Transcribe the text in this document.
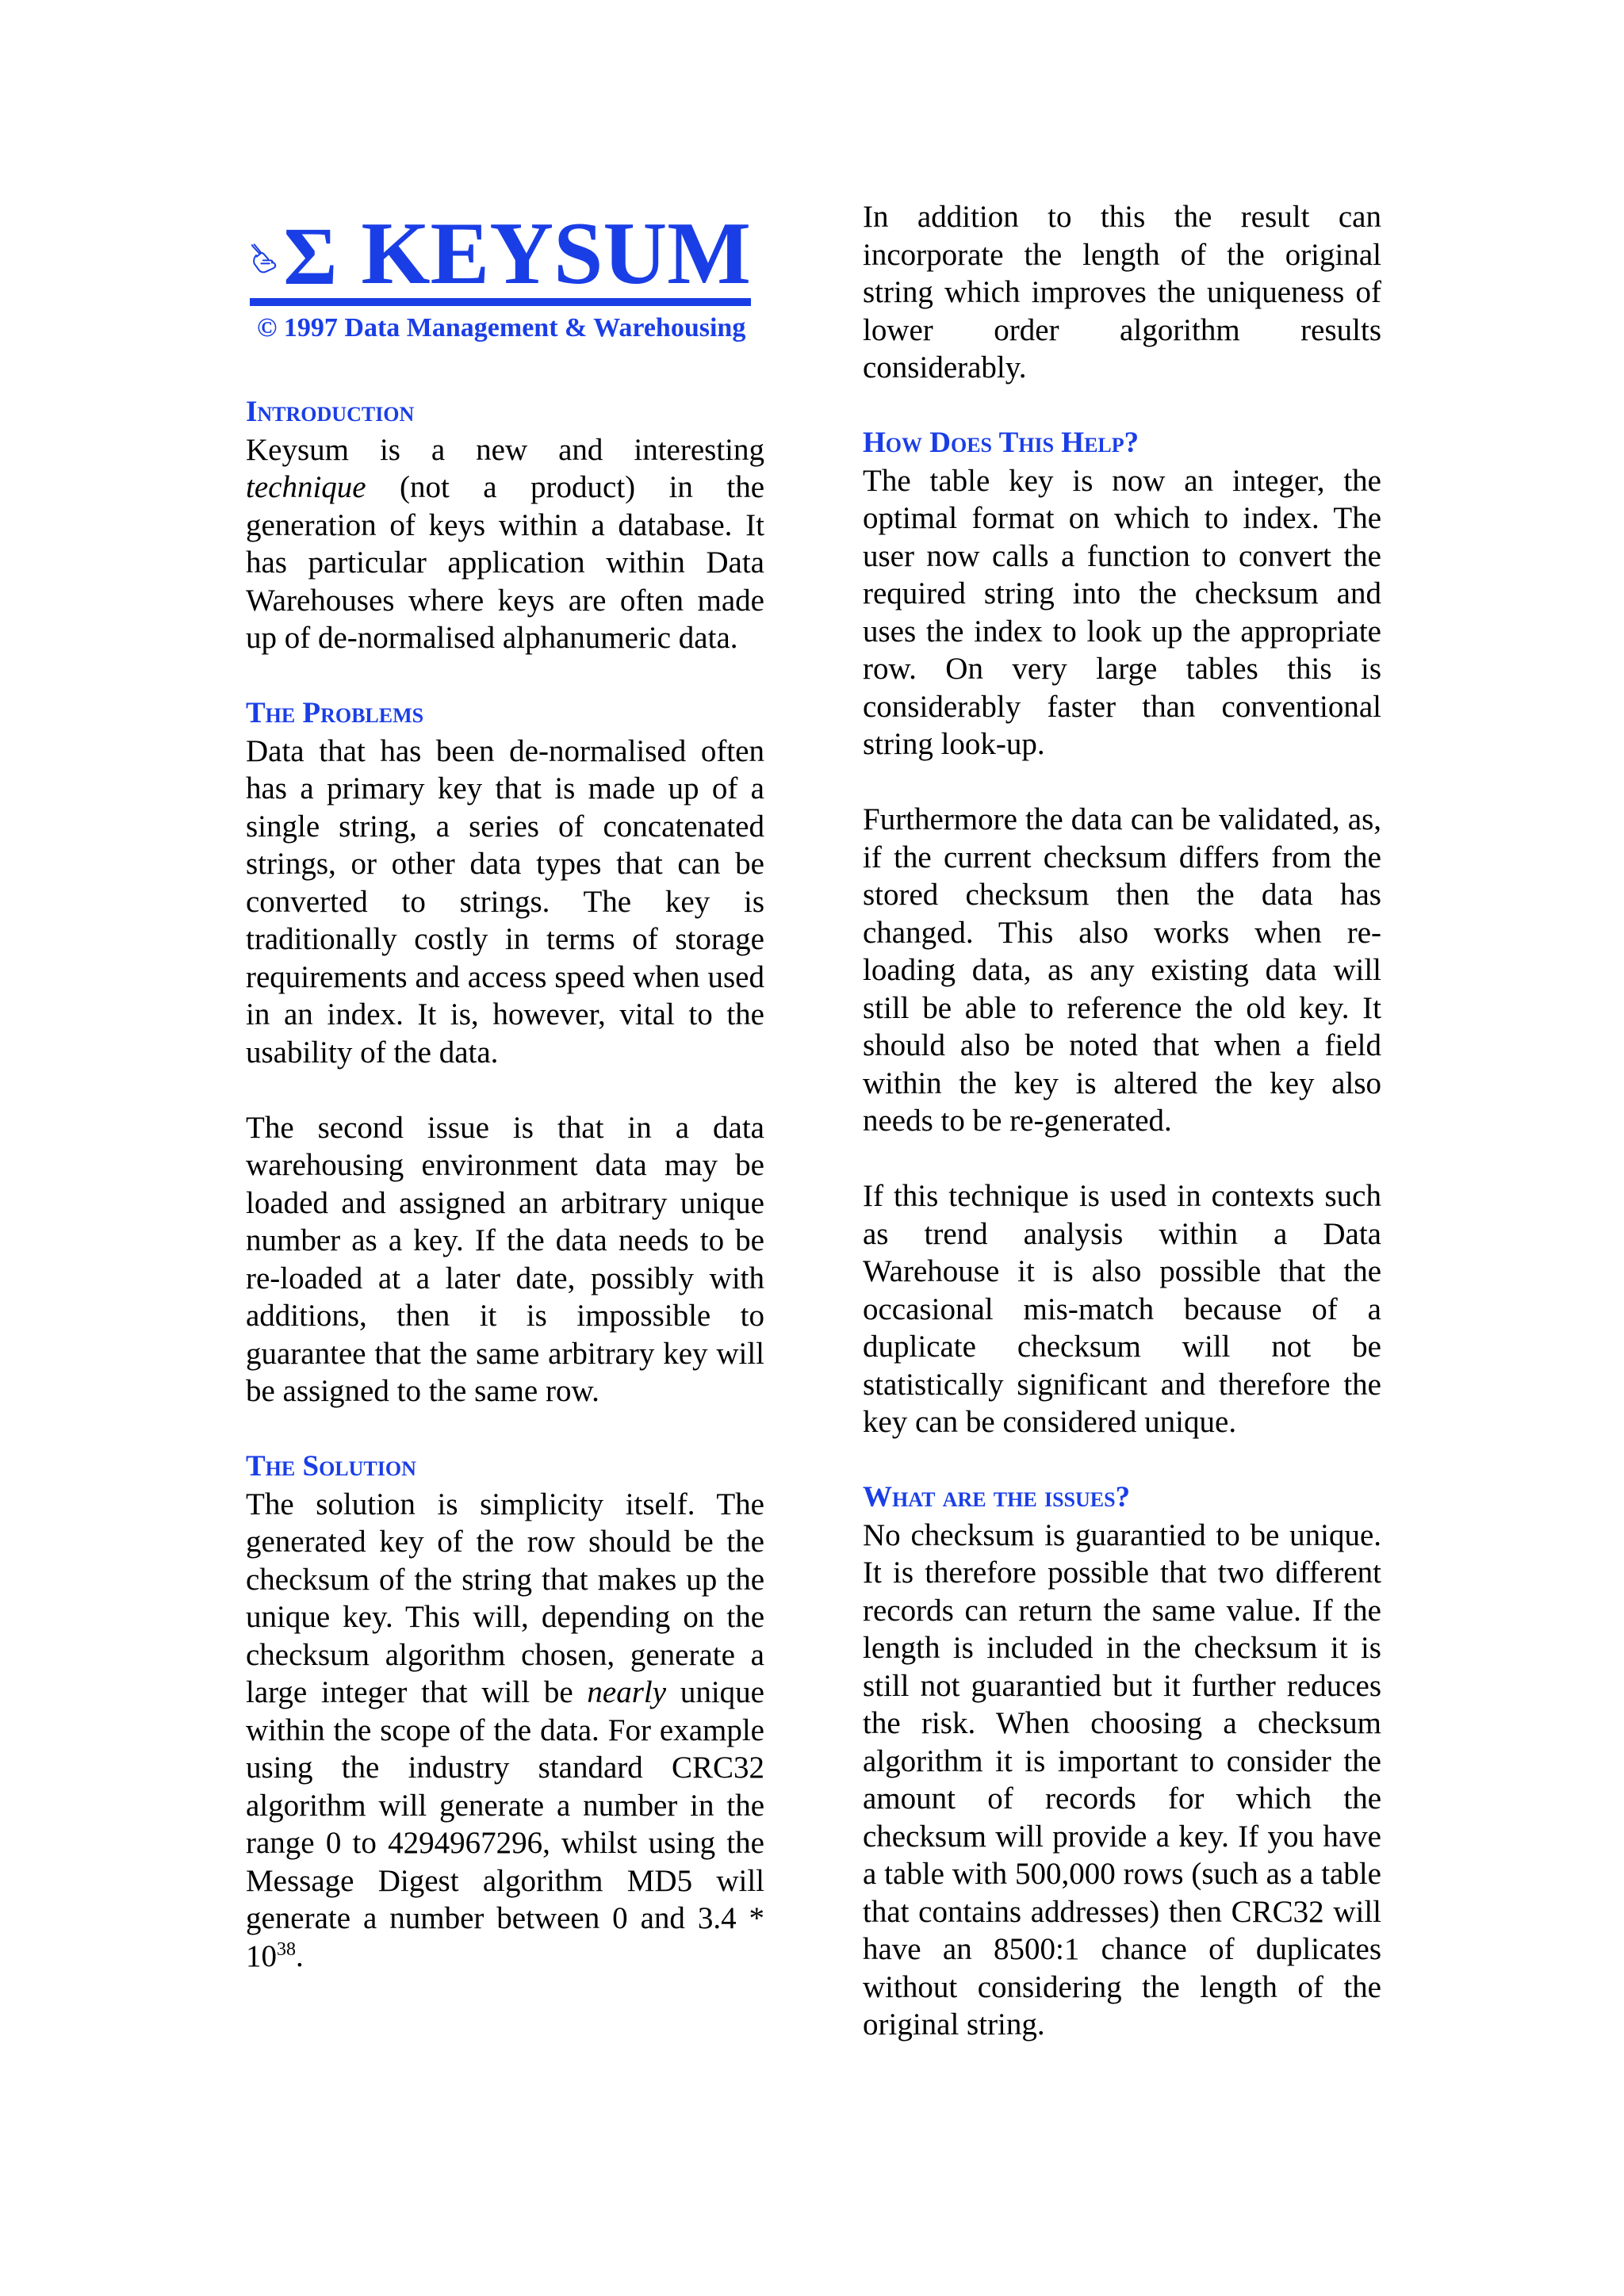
Σ KEYSUM
© 1997 Data Management & Warehousing
Introduction

Keysum is a new and interesting technique (not a product) in the generation of keys within a database. It has particular application within Data Warehouses where keys are often made up of de-normalised alphanumeric data.

The Problems

Data that has been de-normalised often has a primary key that is made up of a single string, a series of concatenated strings, or other data types that can be converted to strings. The key is traditionally costly in terms of storage requirements and access speed when used in an index. It is, however, vital to the usability of the data.

The second issue is that in a data warehousing environment data may be loaded and assigned an arbitrary unique number as a key. If the data needs to be re-loaded at a later date, possibly with additions, then it is impossible to guarantee that the same arbitrary key will be assigned to the same row.

The Solution

The solution is simplicity itself. The generated key of the row should be the checksum of the string that makes up the unique key. This will, depending on the checksum algorithm chosen, generate a large integer that will be nearly unique within the scope of the data. For example using the industry standard CRC32 algorithm will generate a number in the range 0 to 4294967296, whilst using the Message Digest algorithm MD5 will generate a number between 0 and $3.4 * 10^{38}$.

In addition to this the result can incorporate the length of the original string which improves the uniqueness of lower order algorithm results considerably.

How Does This Help?

The table key is now an integer, the optimal format on which to index. The user now calls a function to convert the required string into the checksum and uses the index to look up the appropriate row. On very large tables this is considerably faster than conventional string look-up.

Furthermore the data can be validated, as, if the current checksum differs from the stored checksum then the data has changed. This also works when re-loading data, as any existing data will still be able to reference the old key. It should also be noted that when a field within the key is altered the key also needs to be re-generated.

If this technique is used in contexts such as trend analysis within a Data Warehouse it is also possible that the occasional mis-match because of a duplicate checksum will not be statistically significant and therefore the key can be considered unique.

What are the issues?

No checksum is guarantied to be unique. It is therefore possible that two different records can return the same value. If the length is included in the checksum it is still not guarantied but it further reduces the risk. When choosing a checksum algorithm it is important to consider the amount of records for which the checksum will provide a key. If you have a table with 500,000 rows (such as a table that contains addresses) then CRC32 will have an 8500:1 chance of duplicates without considering the length of the original string.
